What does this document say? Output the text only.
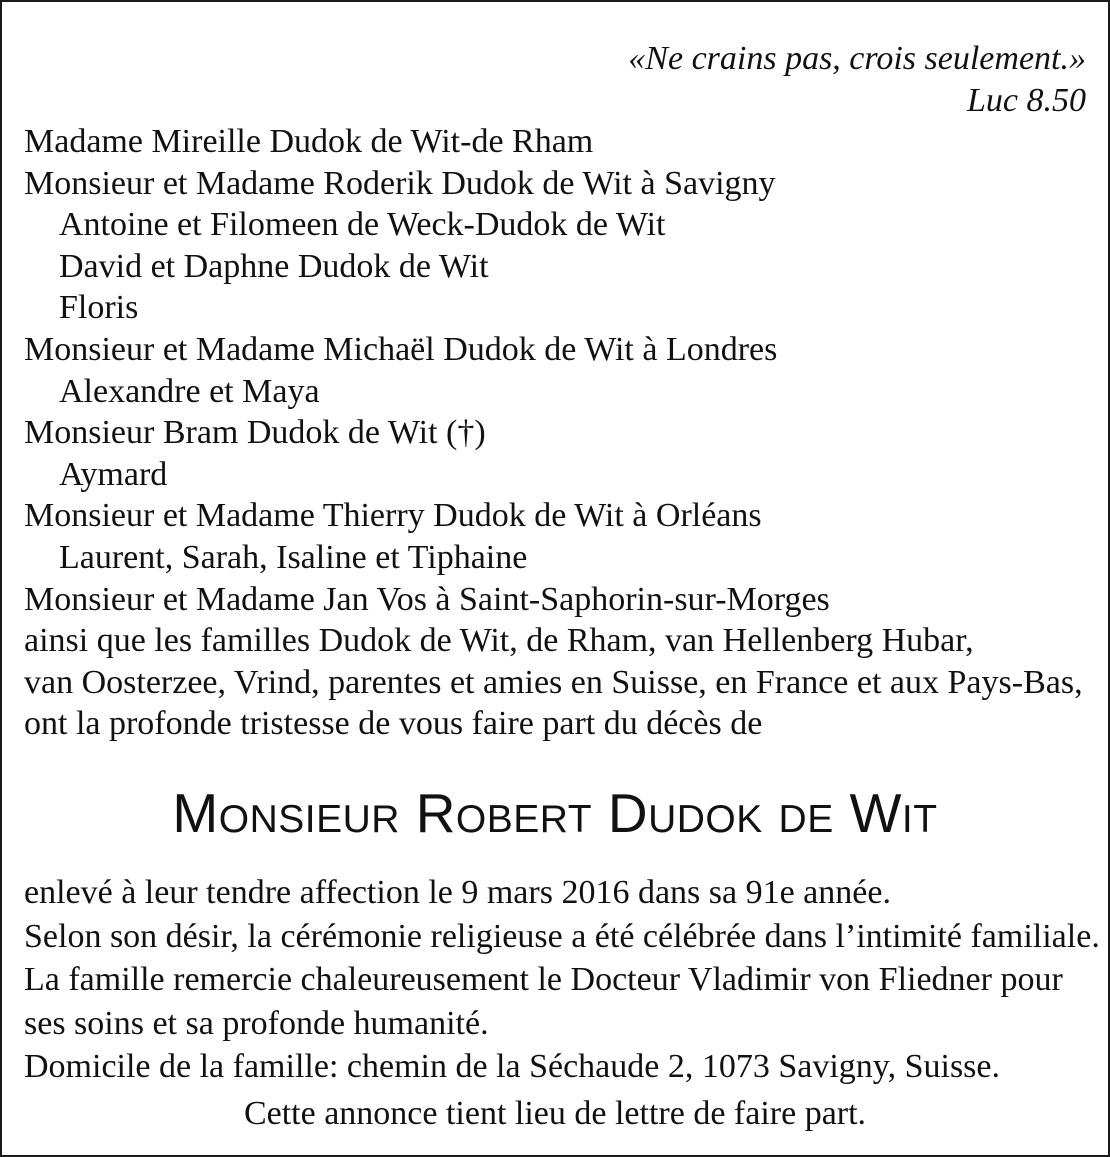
«Ne crains pas, crois seulement.»
Luc 8.50
Madame Mireille Dudok de Wit-de Rham
Monsieur et Madame Roderik Dudok de Wit à Savigny
Antoine et Filomeen de Weck-Dudok de Wit
David et Daphne Dudok de Wit
Floris
Monsieur et Madame Michaël Dudok de Wit à Londres
Alexandre et Maya
Monsieur Bram Dudok de Wit (†)
Aymard
Monsieur et Madame Thierry Dudok de Wit à Orléans
Laurent, Sarah, Isaline et Tiphaine
Monsieur et Madame Jan Vos à Saint-Saphorin-sur-Morges
ainsi que les familles Dudok de Wit, de Rham, van Hellenberg Hubar,
van Oosterzee, Vrind, parentes et amies en Suisse, en France et aux Pays-Bas,
ont la profonde tristesse de vous faire part du décès de
Monsieur Robert Dudok de Wit
enlevé à leur tendre affection le 9 mars 2016 dans sa 91e année.
Selon son désir, la cérémonie religieuse a été célébrée dans l’intimité familiale.
La famille remercie chaleureusement le Docteur Vladimir von Fliedner pour
ses soins et sa profonde humanité.
Domicile de la famille: chemin de la Séchaude 2, 1073 Savigny, Suisse.
Cette annonce tient lieu de lettre de faire part.
